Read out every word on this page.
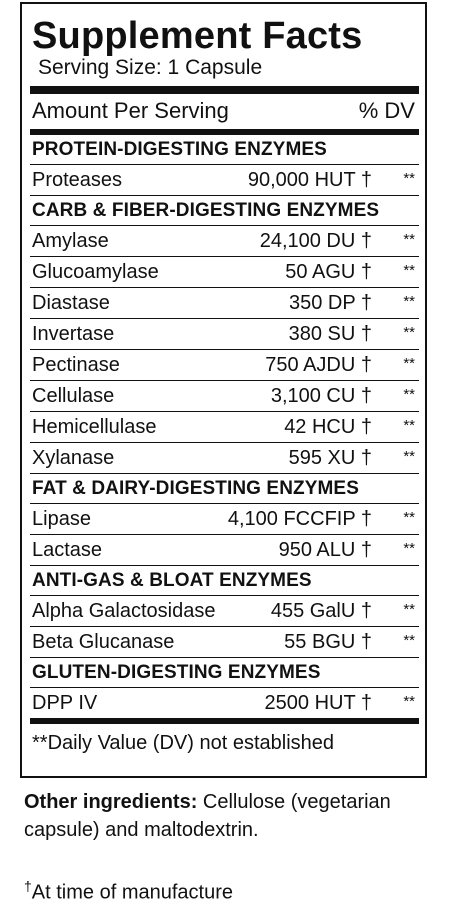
Supplement Facts
Serving Size: 1 Capsule
Amount Per Serving	% DV
PROTEIN-DIGESTING ENZYMES
Proteases	90,000 HUT †	**
CARB & FIBER-DIGESTING ENZYMES
Amylase	24,100 DU †	**
Glucoamylase	50 AGU †	**
Diastase	350 DP †	**
Invertase	380 SU †	**
Pectinase	750 AJDU †	**
Cellulase	3,100 CU †	**
Hemicellulase	42 HCU †	**
Xylanase	595 XU †	**
FAT & DAIRY-DIGESTING ENZYMES
Lipase	4,100 FCCFIP †	**
Lactase	950 ALU †	**
ANTI-GAS & BLOAT ENZYMES
Alpha Galactosidase	455 GalU †	**
Beta Glucanase	55 BGU †	**
GLUTEN-DIGESTING ENZYMES
DPP IV	2500 HUT †	**
**Daily Value (DV) not established
Other ingredients: Cellulose (vegetarian capsule) and maltodextrin.
†At time of manufacture
